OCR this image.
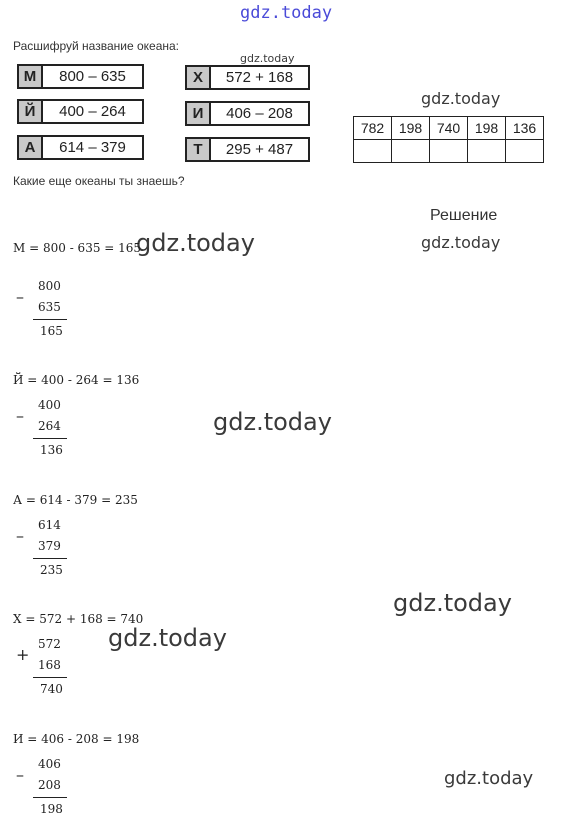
gdz.today
gdz.today
gdz.today
gdz.today
gdz.today
gdz.today
gdz.today
gdz.today
gdz.today
Расшифруй название океана:
М	800 – 635
Й	400 – 264
А	614 – 379
Х	572 + 168
И	406 – 208
Т	295 + 487
782	198	740	198	136

Какие еще океаны ты знаешь?
Решение
М = 800 - 635 = 165
–
800
635
165
Й = 400 - 264 = 136
–
400
264
136
А = 614 - 379 = 235
–
614
379
235
Х = 572 + 168 = 740
+
572
168
740
И = 406 - 208 = 198
–
406
208
198
